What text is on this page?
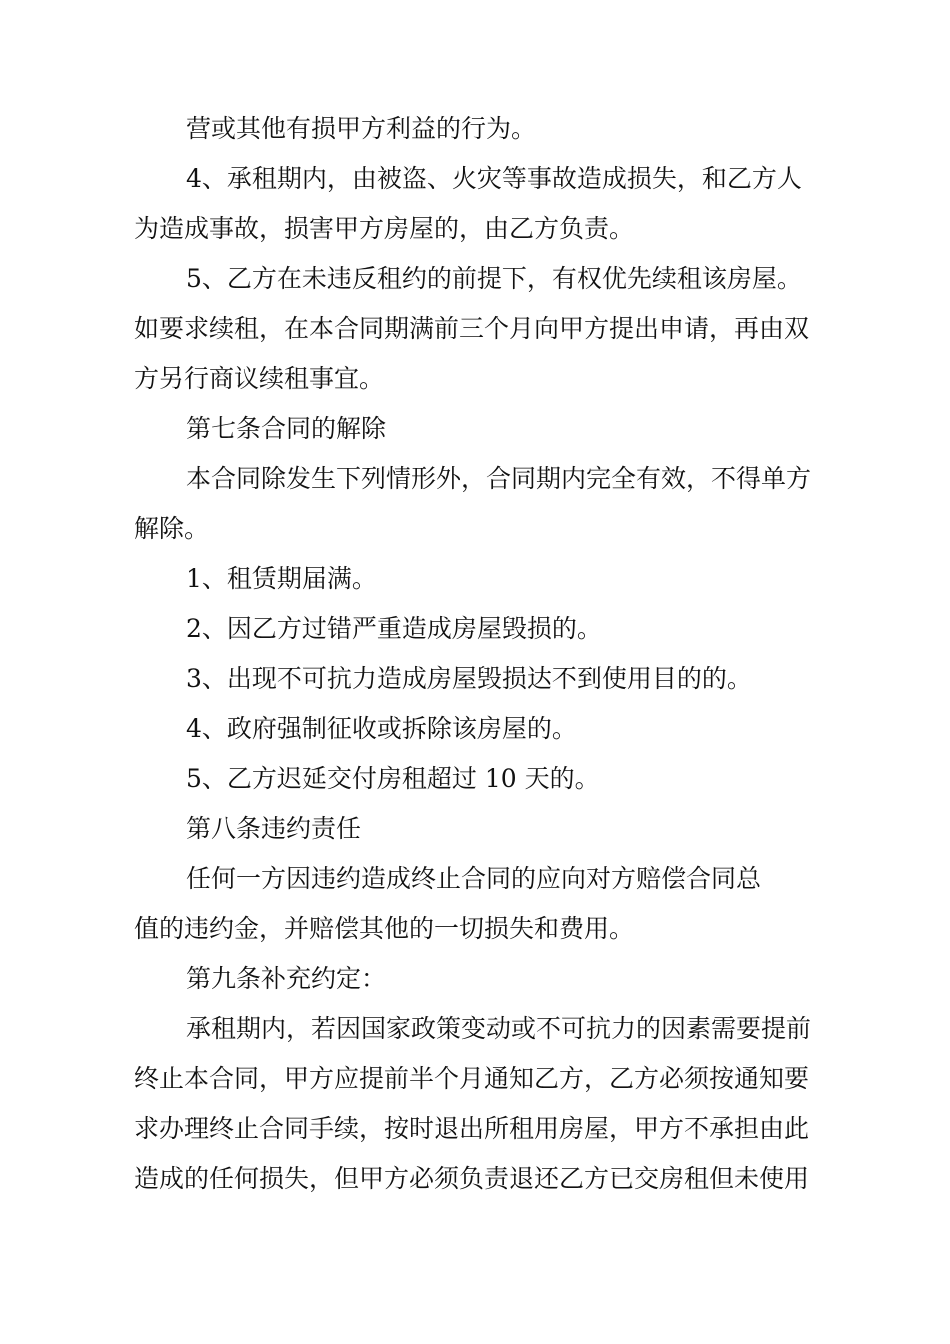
营或其他有损甲方利益的行为。

4、承租期内，由被盗、火灾等事故造成损失，和乙方人

为造成事故，损害甲方房屋的，由乙方负责。

5、乙方在未违反租约的前提下，有权优先续租该房屋。

如要求续租，在本合同期满前三个月向甲方提出申请，再由双

方另行商议续租事宜。

第七条合同的解除

本合同除发生下列情形外，合同期内完全有效，不得单方

解除。

1、租赁期届满。

2、因乙方过错严重造成房屋毁损的。

3、出现不可抗力造成房屋毁损达不到使用目的的。

4、政府强制征收或拆除该房屋的。

5、乙方迟延交付房租超过 10 天的。

第八条违约责任

任何一方因违约造成终止合同的应向对方赔偿合同总

值的违约金，并赔偿其他的一切损失和费用。

第九条补充约定：

承租期内，若因国家政策变动或不可抗力的因素需要提前

终止本合同，甲方应提前半个月通知乙方，乙方必须按通知要

求办理终止合同手续，按时退出所租用房屋，甲方不承担由此

造成的任何损失，但甲方必须负责退还乙方已交房租但未使用
